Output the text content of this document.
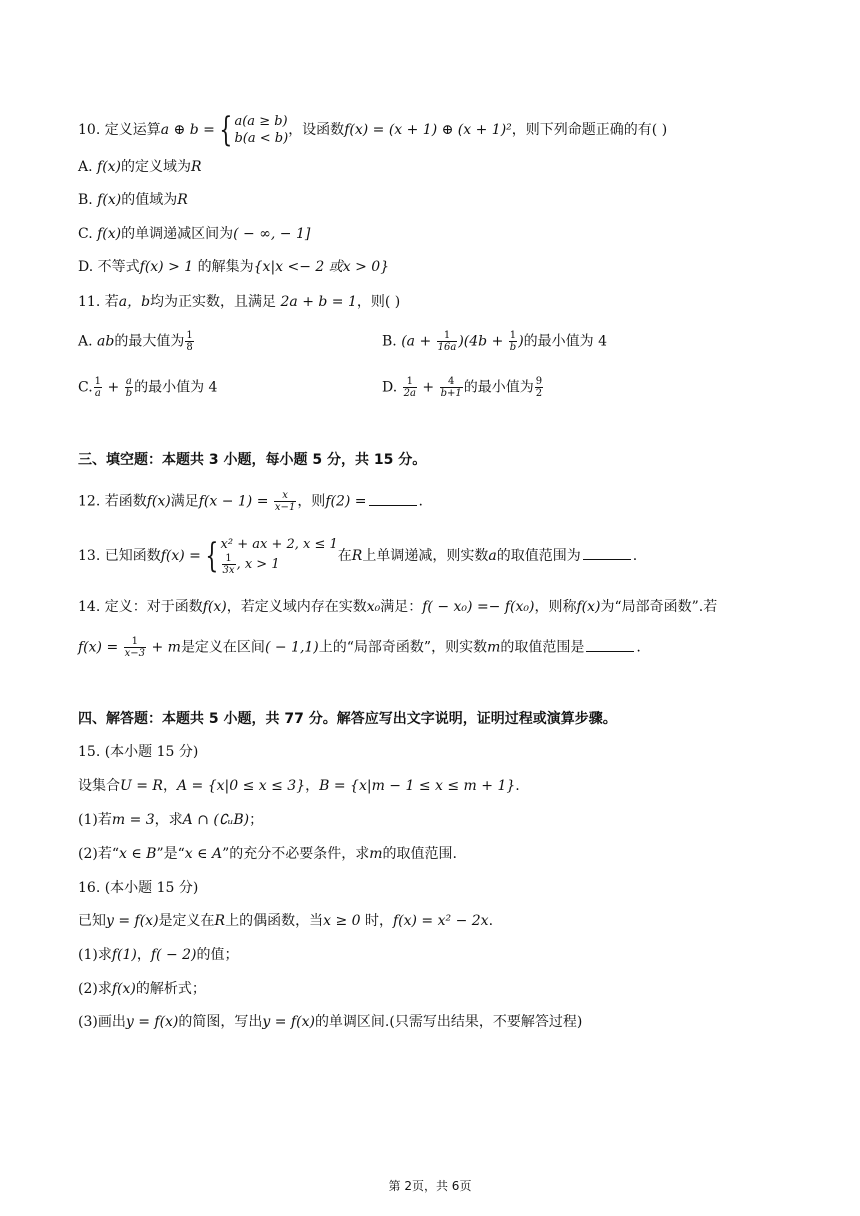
10. 定义运算a ⊕ b = { a(a ≥ b)
b(a < b)
，设函数f(x) = (x + 1) ⊕ (x + 1)²，则下列命题正确的有( )
A. f(x)的定义域为R
B. f(x)的值域为R
C. f(x)的单调递减区间为( − ∞, − 1]
D. 不等式f(x) > 1 的解集为{x|x <− 2 或x > 0}
11. 若a，b均为正实数，且满足 2a + b = 1，则( )
A. ab的最大值为 $\frac{1}{8}$	B. $(a + \frac{1}{16a} )(4b + \frac{1}{b}$ )的最小值为 4
C. $\frac{1}{a} + \frac{a}{b}$ 的最小值为 4	D. $\frac{1}{2a} + \frac{4}{b+1}$ 的最小值为 $\frac{9}{2}$
三、填空题：本题共 3 小题，每小题 5 分，共 15 分。
12. 若函数f(x)满足$f(x - 1) = \frac{x}{x-1}$ ，则f(2) =	.
13. 已知函数f(x) = { x² + ax + 2, x ≤ 1
$\frac{1}{3x}$ , x > 1
在R上单调递减，则实数a的取值范围为	.
14. 定义：对于函数f(x)，若定义域内存在实数x₀满足：f( − x₀) =− f(x₀)，则称f(x)为“局部奇函数”.若
$f(x) = \frac{1}{x-3} + m$是定义在区间( − 1,1)上的“局部奇函数”，则实数m的取值范围是	.
四、解答题：本题共 5 小题，共 77 分。解答应写出文字说明，证明过程或演算步骤。
15. (本小题 15 分)
设集合U = R，A = {x|0 ≤ x ≤ 3}，B = {x|m − 1 ≤ x ≤ m + 1}.
(1)若m = 3，求A ∩ (∁ᵤB)；
(2)若“x ∈ B”是“x ∈ A”的充分不必要条件，求m的取值范围.
16. (本小题 15 分)
已知y = f(x)是定义在R上的偶函数，当x ≥ 0 时，f(x) = x² − 2x.
(1)求f(1)，f( − 2)的值；
(2)求f(x)的解析式；
(3)画出y = f(x)的简图，写出y = f(x)的单调区间.(只需写出结果，不要解答过程)
第 2页，共 6页
